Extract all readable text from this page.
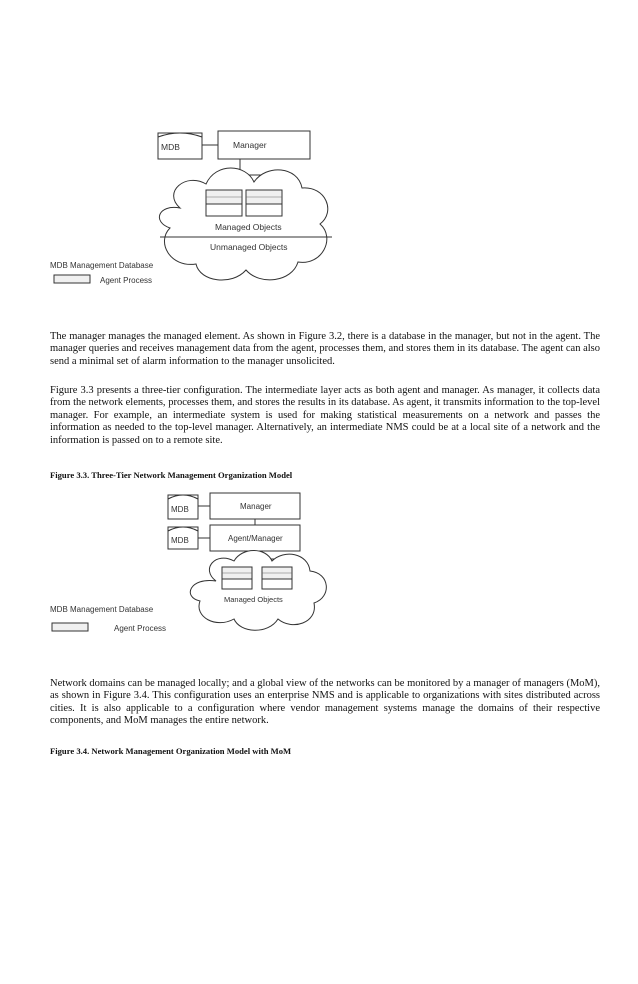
MDB	Manager
Managed Objects
Unmanaged Objects
MDB Management Database
Agent Process

The manager manages the managed element. As shown in Figure 3.2, there is a database in the manager, but not in the agent. The manager queries and receives management data from the agent, processes them, and stores them in its database. The agent can also send a minimal set of alarm information to the manager unsolicited.

Figure 3.3 presents a three-tier configuration. The intermediate layer acts as both agent and manager. As manager, it collects data from the network elements, processes them, and stores the results in its database. As agent, it transmits information to the top-level manager. For example, an intermediate system is used for making statistical measurements on a network and passes the information as needed to the top-level manager. Alternatively, an intermediate NMS could be at a local site of a network and the information is passed on to a remote site.

Figure 3.3. Three-Tier Network Management Organization Model

MDB	Manager
MDB	Agent/Manager
Managed Objects
MDB Management Database
Agent Process

Network domains can be managed locally; and a global view of the networks can be monitored by a manager of managers (MoM), as shown in Figure 3.4. This configuration uses an enterprise NMS and is applicable to organizations with sites distributed across cities. It is also applicable to a configuration where vendor management systems manage the domains of their respective components, and MoM manages the entire network.

Figure 3.4. Network Management Organization Model with MoM
